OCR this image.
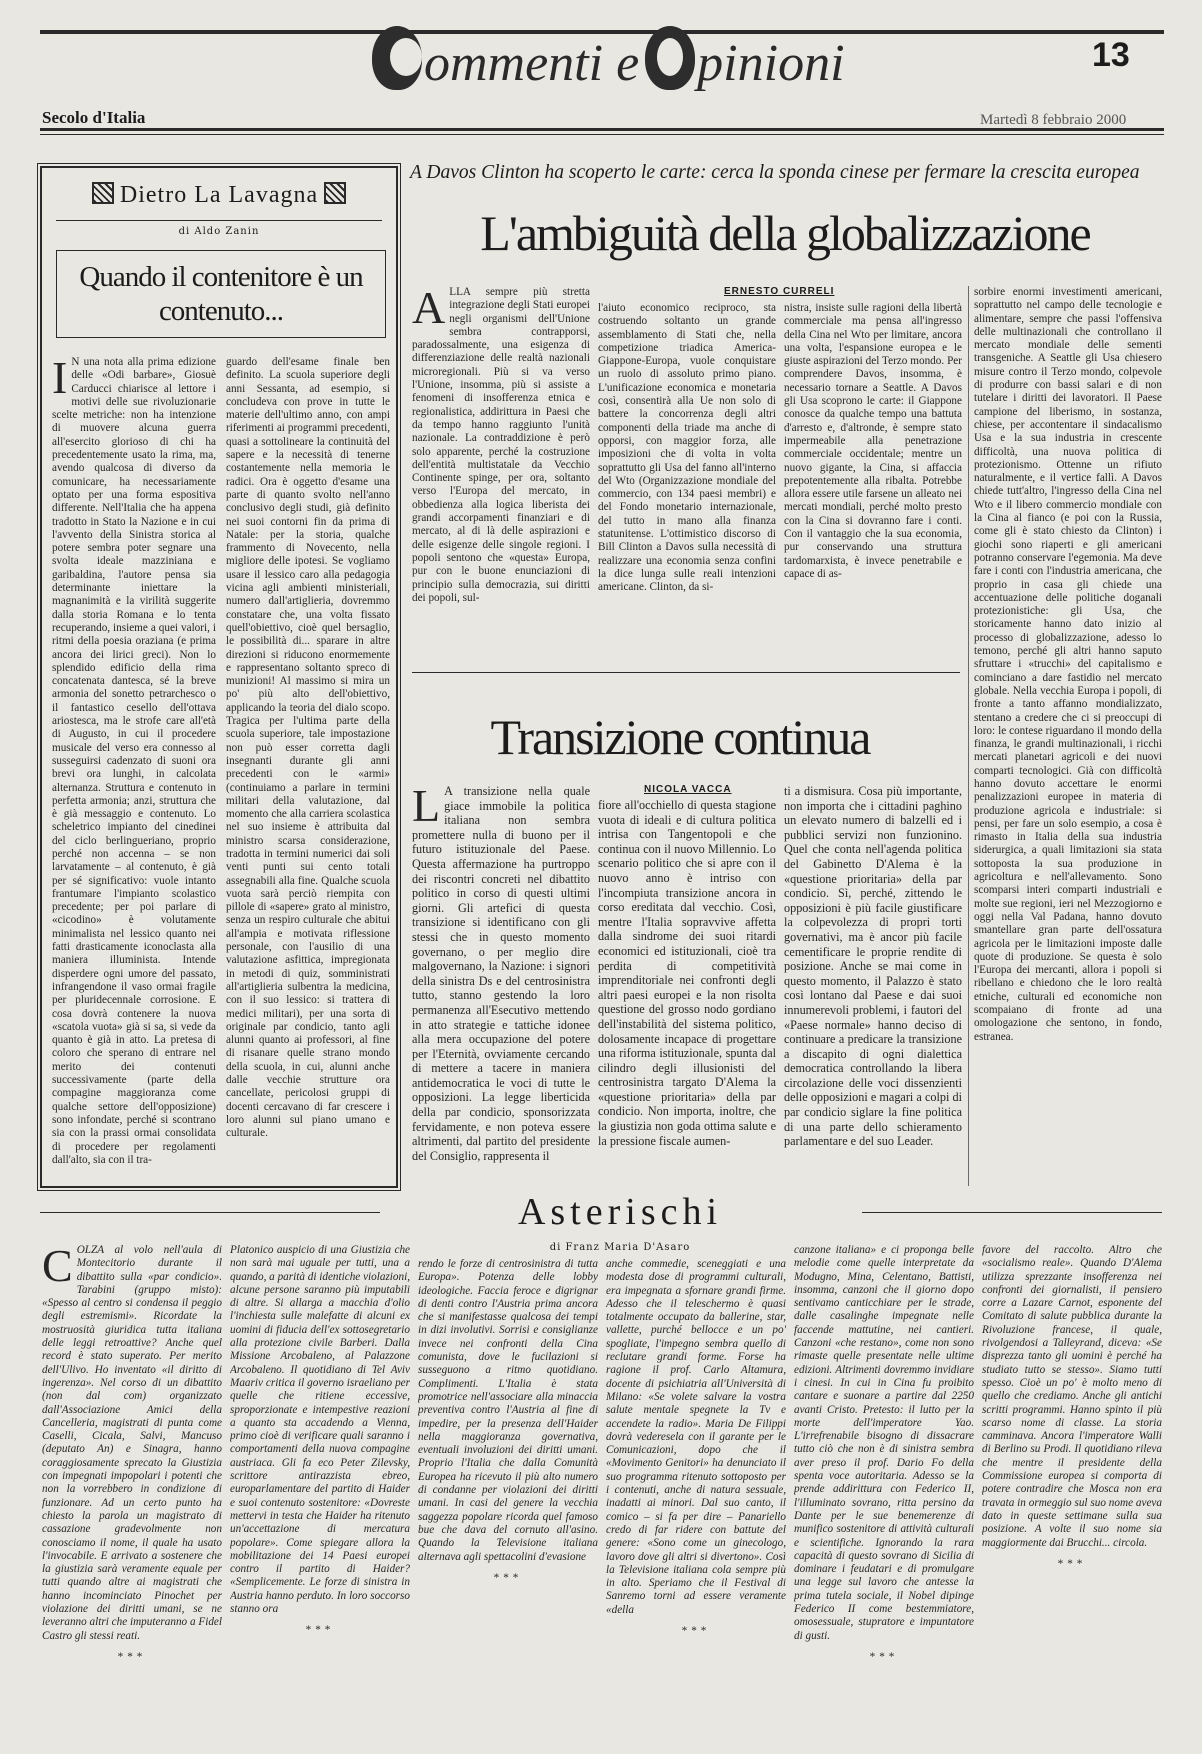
ommenti e pinioni	13
Secolo d'Italia	Martedì 8 febbraio 2000
Dietro La Lavagna
di Aldo Zanin
Quando il contenitore è un contenuto...
I N una nota alla prima edizione delle «Odi barbare», Giosuè Carducci chiarisce al lettore i motivi delle sue rivoluzionarie scelte metriche: non ha intenzione di muovere alcuna guerra all'esercito glorioso di chi ha precedentemente usato la rima, ma, avendo qualcosa di diverso da comunicare, ha necessariamente optato per una forma espositiva differente. Nell'Italia che ha appena tradotto in Stato la Nazione e in cui l'avvento della Sinistra storica al potere sembra poter segnare una svolta ideale mazziniana e garibaldina, l'autore pensa sia determinante iniettare la magnanimità e la virilità suggerite dalla storia Romana e lo tenta recuperando, insieme a quei valori, i ritmi della poesia oraziana (e prima ancora dei lirici greci). Non lo splendido edificio della rima concatenata dantesca, sé la breve armonia del sonetto petrarchesco o il fantastico cesello dell'ottava ariostesca, ma le strofe care all'età di Augusto, in cui il procedere musicale del verso era connesso al susseguirsi cadenzato di suoni ora brevi ora lunghi, in calcolata alternanza. Struttura e contenuto in perfetta armonia; anzi, struttura che è già messaggio e contenuto. Lo scheletrico impianto del cinedinei del ciclo berlingueriano, proprio perché non accenna – se non larvatamente – al contenuto, è già per sé significativo: vuole intanto frantumare l'impianto scolastico precedente; per poi parlare di «cicodino» è volutamente minimalista nel lessico quanto nei fatti drasticamente iconoclasta alla maniera illuminista. Intende disperdere ogni umore del passato, infrangendone il vaso ormai fragile per pluridecennale corrosione. E cosa dovrà contenere la nuova «scatola vuota» già si sa, si vede da quanto è già in atto. La pretesa di coloro che sperano di entrare nel merito dei contenuti successivamente (parte della compagine maggioranza come qualche settore dell'opposizione) sono infondate, perché si scontrano sia con la prassi ormai consolidata di procedere per regolamenti dall'alto, sia con il tra-
guardo dell'esame finale ben definito. La scuola superiore degli anni Sessanta, ad esempio, si concludeva con prove in tutte le materie dell'ultimo anno, con ampi riferimenti ai programmi precedenti, quasi a sottolineare la continuità del sapere e la necessità di tenerne costantemente nella memoria le radici. Ora è oggetto d'esame una parte di quanto svolto nell'anno conclusivo degli studi, già definito nei suoi contorni fin da prima di Natale: per la storia, qualche frammento di Novecento, nella migliore delle ipotesi. Se vogliamo usare il lessico caro alla pedagogia vicina agli ambienti ministeriali, numero dall'artiglieria, dovremmo constatare che, una volta fissato quell'obiettivo, cioè quel bersaglio, le possibilità di... sparare in altre direzioni si riducono enormemente e rappresentano soltanto spreco di munizioni! Al massimo si mira un po' più alto dell'obiettivo, applicando la teoria del dialo scopo. Tragica per l'ultima parte della scuola superiore, tale impostazione non può esser corretta dagli insegnanti durante gli anni precedenti con le «armi» (continuiamo a parlare in termini militari della valutazione, dal momento che alla carriera scolastica nel suo insieme è attribuita dal ministro scarsa considerazione, tradotta in termini numerici dai soli venti punti sui cento totali assegnabili alla fine. Qualche scuola vuota sarà perciò riempita con pillole di «sapere» grato al ministro, senza un respiro culturale che abitui all'ampia e motivata riflessione personale, con l'ausilio di una valutazione asfittica, impregionata in metodi di quiz, somministrati all'artiglieria sulbentra la medicina, con il suo lessico: si trattera di medici militari), per una sorta di originale par condicio, tanto agli alunni quanto ai professori, al fine di risanare quelle strano mondo della scuola, in cui, alunni anche dalle vecchie strutture ora cancellate, pericolosi gruppi di docenti cercavano di far crescere i loro alunni sul piano umano e culturale.
A Davos Clinton ha scoperto le carte: cerca la sponda cinese per fermare la crescita europea
L'ambiguità della globalizzazione
ERNESTO CURRELI
ALLA sempre più stretta integrazione degli Stati europei negli organismi dell'Unione sembra contrapporsi, paradossalmente, una esigenza di differenziazione delle realtà nazionali microregionali. Più si va verso l'Unione, insomma, più si assiste a fenomeni di insofferenza etnica e regionalistica, addirittura in Paesi che da tempo hanno raggiunto l'unità nazionale. La contraddizione è però solo apparente, perché la costruzione dell'entità multistatale da Vecchio Continente spinge, per ora, soltanto verso l'Europa del mercato, in obbedienza alla logica liberista dei grandi accorpamenti finanziari e di mercato, al di là delle aspirazioni e delle esigenze delle singole regioni. I popoli sentono che «questa» Europa, pur con le buone enunciazioni di principio sulla democrazia, sui diritti dei popoli, sul-
l'aiuto economico reciproco, sta costruendo soltanto un grande assemblamento di Stati che, nella competizione triadica America-Giappone-Europa, vuole conquistare un ruolo di assoluto primo piano. L'unificazione economica e monetaria così, consentirà alla Ue non solo di battere la concorrenza degli altri componenti della triade ma anche di opporsi, con maggior forza, alle imposizioni che di volta in volta soprattutto gli Usa del fanno all'interno del Wto (Organizzazione mondiale del commercio, con 134 paesi membri) e del Fondo monetario internazionale, del tutto in mano alla finanza statunitense. L'ottimistico discorso di Bill Clinton a Davos sulla necessità di realizzare una economia senza confini la dice lunga sulle reali intenzioni americane. Clinton, da si-
nistra, insiste sulle ragioni della libertà commerciale ma pensa all'ingresso della Cina nel Wto per limitare, ancora una volta, l'espansione europea e le giuste aspirazioni del Terzo mondo. Per comprendere Davos, insomma, è necessario tornare a Seattle. A Davos gli Usa scoprono le carte: il Giappone conosce da qualche tempo una battuta d'arresto e, d'altronde, è sempre stato impermeabile alla penetrazione commerciale occidentale; mentre un nuovo gigante, la Cina, si affaccia prepotentemente alla ribalta. Potrebbe allora essere utile farsene un alleato nei mercati mondiali, perché molto presto con la Cina si dovranno fare i conti. Con il vantaggio che la sua economia, pur conservando una struttura tardomarxista, è invece penetrabile e capace di as-
sorbire enormi investimenti americani, soprattutto nel campo delle tecnologie e alimentare, sempre che passi l'offensiva delle multinazionali che controllano il mercato mondiale delle sementi transgeniche. A Seattle gli Usa chiesero misure contro il Terzo mondo, colpevole di produrre con bassi salari e di non tutelare i diritti dei lavoratori. Il Paese campione del liberismo, in sostanza, chiese, per accontentare il sindacalismo Usa e la sua industria in crescente difficoltà, una nuova politica di protezionismo. Ottenne un rifiuto naturalmente, e il vertice fallì. A Davos chiede tutt'altro, l'ingresso della Cina nel Wto e il libero commercio mondiale con la Cina al fianco (e poi con la Russia, come gli è stato chiesto da Clinton) i giochi sono riaperti e gli americani potranno conservare l'egemonia. Ma deve fare i conti con l'industria americana, che proprio in casa gli chiede una accentuazione delle politiche doganali protezionistiche: gli Usa, che storicamente hanno dato inizio al processo di globalizzazione, adesso lo temono, perché gli altri hanno saputo sfruttare i «trucchi» del capitalismo e cominciano a dare fastidio nel mercato globale. Nella vecchia Europa i popoli, di fronte a tanto affanno mondializzato, stentano a credere che ci si preoccupi di loro: le contese riguardano il mondo della finanza, le grandi multinazionali, i ricchi mercati planetari agricoli e dei nuovi comparti tecnologici. Già con difficoltà hanno dovuto accettare le enormi penalizzazioni europee in materia di produzione agricola e industriale: si pensi, per fare un solo esempio, a cosa è rimasto in Italia della sua industria siderurgica, a quali limitazioni sia stata sottoposta la sua produzione in agricoltura e nell'allevamento. Sono scomparsi interi comparti industriali e molte sue regioni, ieri nel Mezzogiorno e oggi nella Val Padana, hanno dovuto smantellare gran parte dell'ossatura agricola per le limitazioni imposte dalle quote di produzione. Se questa è solo l'Europa dei mercanti, allora i popoli si ribellano e chiedono che le loro realtà etniche, culturali ed economiche non scompaiano di fronte ad una omologazione che sentono, in fondo, estranea.
Transizione continua
NICOLA VACCA
L A transizione nella quale giace immobile la politica italiana non sembra promettere nulla di buono per il futuro istituzionale del Paese. Questa affermazione ha purtroppo dei riscontri concreti nel dibattito politico in corso di questi ultimi giorni. Gli artefici di questa transizione si identificano con gli stessi che in questo momento governano, o per meglio dire malgovernano, la Nazione: i signori della sinistra Ds e del centrosinistra tutto, stanno gestendo la loro permanenza all'Esecutivo mettendo in atto strategie e tattiche idonee alla mera occupazione del potere per l'Eternità, ovviamente cercando di mettere a tacere in maniera antidemocratica le voci di tutte le opposizioni. La legge liberticida della par condicio, sponsorizzata fervidamente, e non poteva essere altrimenti, dal partito del presidente del Consiglio, rappresenta il
fiore all'occhiello di questa stagione vuota di ideali e di cultura politica intrisa con Tangentopoli e che continua con il nuovo Millennio. Lo scenario politico che si apre con il nuovo anno è intriso con l'incompiuta transizione ancora in corso ereditata dal vecchio. Così, mentre l'Italia sopravvive affetta dalla sindrome dei suoi ritardi economici ed istituzionali, cioè tra perdita di competitività imprenditoriale nei confronti degli altri paesi europei e la non risolta questione del grosso nodo gordiano dell'instabilità del sistema politico, dolosamente incapace di progettare una riforma istituzionale, spunta dal cilindro degli illusionisti del centrosinistra targato D'Alema la «questione prioritaria» della par condicio. Non importa, inoltre, che la giustizia non goda ottima salute e la pressione fiscale aumen-
ti a dismisura. Cosa più importante, non importa che i cittadini paghino un elevato numero di balzelli ed i pubblici servizi non funzionino. Quel che conta nell'agenda politica del Gabinetto D'Alema è la «questione prioritaria» della par condicio. Sì, perché, zittendo le opposizioni è più facile giustificare la colpevolezza di propri torti governativi, ma è ancor più facile cementificare le proprie rendite di posizione. Anche se mai come in questo momento, il Palazzo è stato così lontano dal Paese e dai suoi innumerevoli problemi, i fautori del «Paese normale» hanno deciso di continuare a predicare la transizione a discapito di ogni dialettica democratica controllando la libera circolazione delle voci dissenzienti delle opposizioni e magari a colpi di par condicio siglare la fine politica di una parte dello schieramento parlamentare e del suo Leader.
Asterischi
di Franz Maria D'Asaro
COLZA al volo nell'aula di Montecitorio durante il dibattito sulla «par condicio». Tarabini (gruppo misto): «Spesso al centro si condensa il peggio degli estremismi». Ricordate la mostruosità giuridica tutta italiana delle leggi retroattive? Anche quel record è stato superato. Per merito dell'Ulivo. Ho inventato «il diritto di ingerenza». Nel corso di un dibattito (non dal com) organizzato dall'Associazione Amici della Cancelleria, magistrati di punta come Caselli, Cicala, Salvi, Mancuso (deputato An) e Sinagra, hanno coraggiosamente sprecato la Giustizia con impegnati impopolari i potenti che non la vorrebbero in condizione di funzionare. Ad un certo punto ha chiesto la parola un magistrato di cassazione gradevolmente non conosciamo il nome, il quale ha usato l'invocabile. E arrivato a sostenere che la giustizia sarà veramente equale per tutti quando altre ai magistrati che hanno incominciato Pinochet per violazione dei diritti umani, se ne leveranno altri che imputeranno a Fidel Castro gli stessi reati.
***
Platonico auspicio di una Giustizia che non sarà mai uguale per tutti, una a quando, a parità di identiche violazioni, alcune persone saranno più imputabili di altre. Si allarga a macchia d'olio l'inchiesta sulle malefatte di alcuni ex uomini di fiducia dell'ex sottosegretario alla protezione civile Barberi. Dalla Missione Arcobaleno, al Palazzone Arcobaleno. Il quotidiano di Tel Aviv Maariv critica il governo israeliano per quelle che ritiene eccessive, sproporzionate e intempestive reazioni a quanto sta accadendo a Vienna, primo cioè di verificare quali saranno i comportamenti della nuova compagine austriaca. Gli fa eco Peter Zilevsky, scrittore antirazzista ebreo, europarlamentare del partito di Haider e suoi contenuto sostenitore: «Dovreste mettervi in testa che Haider ha ritenuto un'accettazione di mercatura popolare». Come spiegare allora la mobilitazione dei 14 Paesi europei contro il partito di Haider? «Semplicemente. Le forze di sinistra in Austria hanno perduto. In loro soccorso stanno ora
***
rendo le forze di centrosinistra di tutta Europa». Potenza delle lobby ideologiche. Faccia feroce e digrignar di denti contro l'Austria prima ancora che si manifestasse qualcosa dei tempi in dizi involutivi. Sorrisi e consiglianze invece nei confronti della Cina comunista, dove le fucilazioni si susseguono a ritmo quotidiano. Complimenti. L'Italia è stata promotrice nell'associare alla minaccia preventiva contro l'Austria al fine di impedire, per la presenza dell'Haider nella maggioranza governativa, eventuali involuzioni dei diritti umani. Proprio l'Italia che dalla Comunità Europea ha ricevuto il più alto numero di condanne per violazioni dei diritti umani. In casi del genere la vecchia saggezza popolare ricorda quel famoso bue che dava del cornuto all'asino. Quando la Televisione italiana alternava agli spettacolini d'evasione
***
anche commedie, sceneggiati e una modesta dose di programmi culturali, era impegnata a sfornare grandi firme. Adesso che il teleschermo è quasi totalmente occupato da ballerine, star, vallette, purché bellocce e un po' spogliate, l'impegno sembra quello di reclutare grandi forme. Forse ha ragione il prof. Carlo Altamura, docente di psichiatria all'Università di Milano: «Se volete salvare la vostra salute mentale spegnete la Tv e accendete la radio». Maria De Filippi dovrà vederesela con il garante per le Comunicazioni, dopo che il «Movimento Genitori» ha denunciato il suo programma ritenuto sottoposto per i contenuti, anche di natura sessuale, inadatti ai minori. Dal suo canto, il comico – si fa per dire – Panariello credo di far ridere con battute del genere: «Sono come un ginecologo, lavoro dove gli altri si divertono». Così la Televisione italiana cola sempre più in alto. Speriamo che il Festival di Sanremo torni ad essere veramente «della
***
canzone italiana» e ci proponga belle melodie come quelle interpretate da Modugno, Mina, Celentano, Battisti, insomma, canzoni che il giorno dopo sentivamo canticchiare per le strade, dalle casalinghe impegnate nelle faccende mattutine, nei cantieri. Canzoni «che restano», come non sono rimaste quelle presentate nelle ultime edizioni. Altrimenti dovremmo invidiare i cinesi. In cui in Cina fu proibito cantare e suonare a partire dal 2250 avanti Cristo. Pretesto: il lutto per la morte dell'imperatore Yao. L'irrefrenabile bisogno di dissacrare tutto ciò che non è di sinistra sembra aver preso il prof. Dario Fo della spenta voce autoritaria. Adesso se la prende addirittura con Federico II, l'illuminato sovrano, ritta persino da Dante per le sue benemerenze di munifico sostenitore di attività culturali e scientifiche. Ignorando la rara capacità di questo sovrano di Sicilia di dominare i feudatari e di promulgare una legge sul lavoro che antesse la prima tutela sociale, il Nobel dipinge Federico II come bestemmiatore, omosessuale, stupratore e impuntatore di gusti.
***
favore del raccolto. Altro che «socialismo reale». Quando D'Alema utilizza sprezzante insofferenza nei confronti dei giornalisti, il pensiero corre a Lazare Carnot, esponente del Comitato di salute pubblica durante la Rivoluzione francese, il quale, rivolgendosi a Talleyrand, diceva: «Se disprezza tanto gli uomini è perché ha studiato tutto se stesso». Siamo tutti spesso. Cioè un po' è molto meno di quello che crediamo. Anche gli antichi scritti programmi. Hanno spinto il più scarso nome di classe. La storia camminava. Ancora l'imperatore Walli di Berlino su Prodi. Il quotidiano rileva che mentre il presidente della Commissione europea si comporta di potere contradire che Mosca non era travata in ormeggio sul suo nome aveva dato in queste settimane sulla sua posizione. A volte il suo nome sia maggiormente dai Brucchi... circola.
***
